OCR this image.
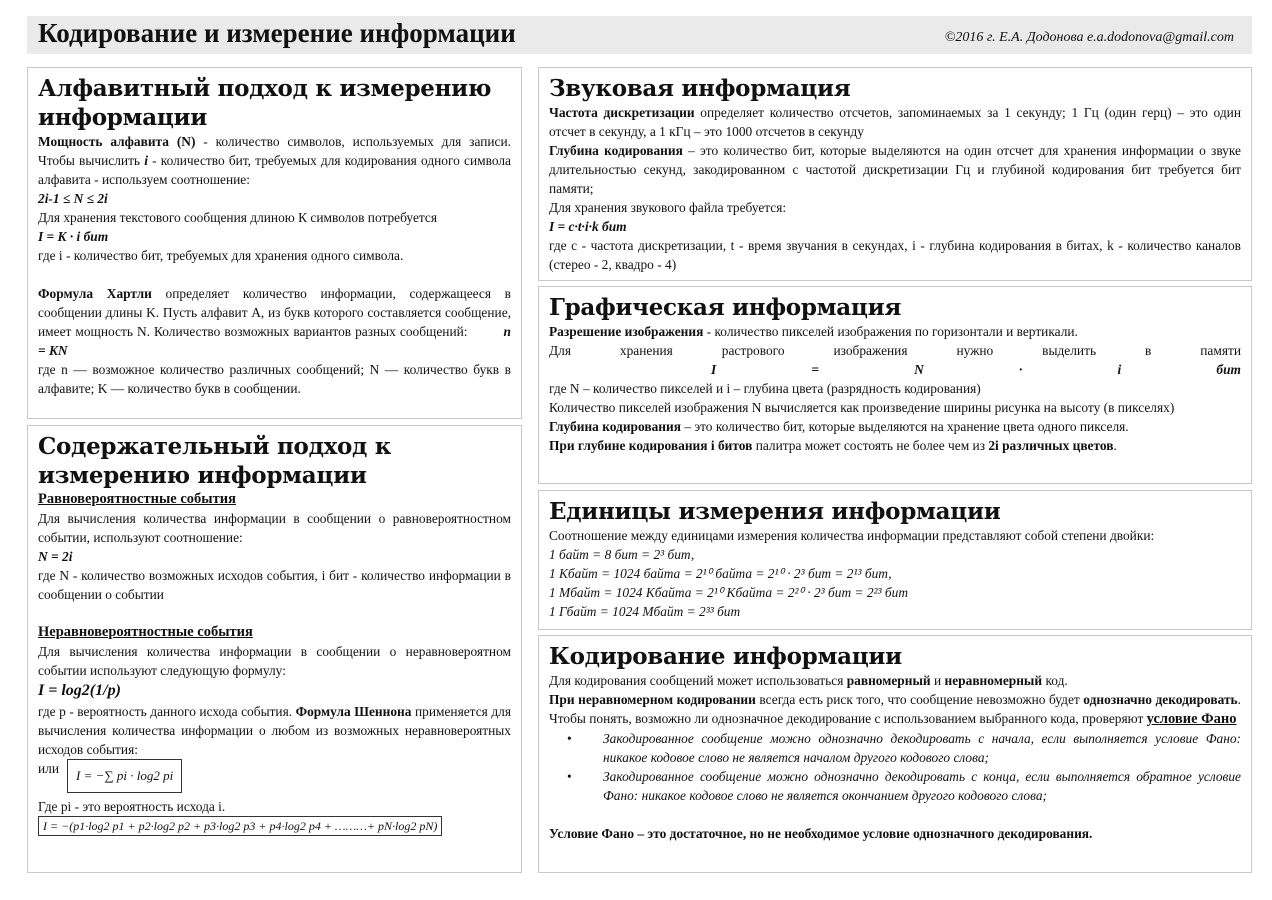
Кодирование и измерение информации	©2016 г. Е.А. Додонова e.a.dodonova@gmail.com
Алфавитный подход к измерению информации

Мощность алфавита (N) - количество символов, используемых для записи. Чтобы вычислить i - количество бит, требуемых для кодирования одного символа алфавита - используем соотношение:

2i-1 ≤ N ≤ 2i

Для хранения текстового сообщения длиною К символов потребуется

I = K · i бит

где i - количество бит, требуемых для хранения одного символа.

Формула Хартли определяет количество информации, содержащееся в сообщении длины K. Пусть алфавит A, из букв которого составляется сообщение, имеет мощность N. Количество возможных вариантов разных сообщений:	n = KN

где n — возможное количество различных сообщений; N — количество букв в алфавите; K — количество букв в сообщении.

Содержательный подход к измерению информации
Равновероятностные события

Для вычисления количества информации в сообщении о равновероятностном событии, используют соотношение:

N = 2i

где N - количество возможных исходов события, i бит - количество информации в сообщении о событии

Неравновероятностные события

Для вычисления количества информации в сообщении о неравновероятном событии используют следующую формулу:

I = log2(1/p)

где p - вероятность данного исхода события. Формула Шеннона применяется для вычисления количества информации о любом из возможных неравновероятных исходов события:

или	I = −∑ pi · log2 pi

Где pi - это вероятность исхода i.

I = −(p1·log2 p1 + p2·log2 p2 + p3·log2 p3 + p4·log2 p4 + ………+ pN·log2 pN)
Звуковая информация

Частота дискретизации определяет количество отсчетов, запоминаемых за 1 секунду; 1 Гц (один герц) – это один отсчет в секунду, а 1 кГц – это 1000 отсчетов в секунду

Глубина кодирования – это количество бит, которые выделяются на один отсчет для хранения информации о звуке длительностью секунд, закодированном с частотой дискретизации Гц и глубиной кодирования бит требуется бит памяти;

Для хранения звукового файла требуется:

I = c·t·i·k бит

где c - частота дискретизации, t - время звучания в секундах, i - глубина кодирования в битах, k - количество каналов (стерео - 2, квадро - 4)

Графическая информация

Разрешение изображения - количество пикселей изображения по горизонтали и вертикали.

Для	хранения	растрового	изображения	нужно	выделить	в	памяти
I	=	N	·	i	бит

где N – количество пикселей и i – глубина цвета (разрядность кодирования)

Количество пикселей изображения N вычисляется как произведение ширины рисунка на высоту (в пикселях)

Глубина кодирования – это количество бит, которые выделяются на хранение цвета одного пикселя.

При глубине кодирования i битов палитра может состоять не более чем из 2i различных цветов.

Единицы измерения информации

Соотношение между единицами измерения количества информации представляют собой степени двойки:

1 байт = 8 бит = 2³ бит,

1 Кбайт = 1024 байта = 2¹⁰ байта = 2¹⁰ · 2³ бит = 2¹³ бит,

1 Мбайт = 1024 Кбайта = 2¹⁰ Кбайта = 2²⁰ · 2³ бит = 2²³ бит

1 Гбайт = 1024 Мбайт = 2³³ бит

Кодирование информации

Для кодирования сообщений может использоваться равномерный и неравномерный код.

При неравномерном кодировании всегда есть риск того, что сообщение невозможно будет однозначно декодировать. Чтобы понять, возможно ли однозначное декодирование с использованием выбранного кода, проверяют условие Фано

• Закодированное сообщение можно однозначно декодировать с начала, если выполняется условие Фано: никакое кодовое слово не является началом другого кодового слова;
• Закодированное сообщение можно однозначно декодировать с конца, если выполняется обратное условие Фано: никакое кодовое слово не является окончанием другого кодового слова;

Условие Фано – это достаточное, но не необходимое условие однозначного декодирования.
